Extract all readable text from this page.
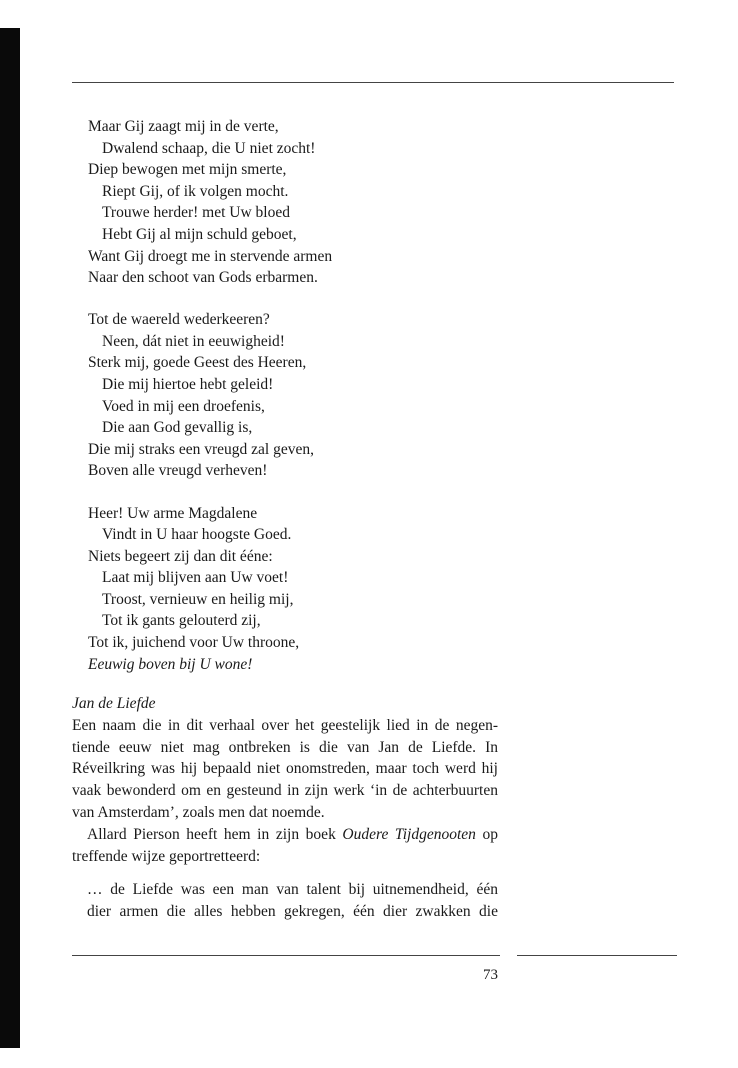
Maar Gij zaagt mij in de verte,
Dwalend schaap, die U niet zocht!
Diep bewogen met mijn smerte,
Riept Gij, of ik volgen mocht.
Trouwe herder! met Uw bloed
Hebt Gij al mijn schuld geboet,
Want Gij droegt me in stervende armen
Naar den schoot van Gods erbarmen.
Tot de waereld wederkeeren?
Neen, dát niet in eeuwigheid!
Sterk mij, goede Geest des Heeren,
Die mij hiertoe hebt geleid!
Voed in mij een droefenis,
Die aan God gevallig is,
Die mij straks een vreugd zal geven,
Boven alle vreugd verheven!
Heer! Uw arme Magdalene
Vindt in U haar hoogste Goed.
Niets begeert zij dan dit ééne:
Laat mij blijven aan Uw voet!
Troost, vernieuw en heilig mij,
Tot ik gants gelouterd zij,
Tot ik, juichend voor Uw throone,
Eeuwig boven bij U wone!
Jan de Liefde
Een naam die in dit verhaal over het geestelijk lied in de negen-
tiende eeuw niet mag ontbreken is die van Jan de Liefde. In
Réveilkring was hij bepaald niet onomstreden, maar toch werd hij
vaak bewonderd om en gesteund in zijn werk ‘in de achterbuurten
van Amsterdam’, zoals men dat noemde.
Allard Pierson heeft hem in zijn boek Oudere Tijdgenooten op
treffende wijze geportretteerd:
… de Liefde was een man van talent bij uitnemendheid, één
dier armen die alles hebben gekregen, één dier zwakken die
73
